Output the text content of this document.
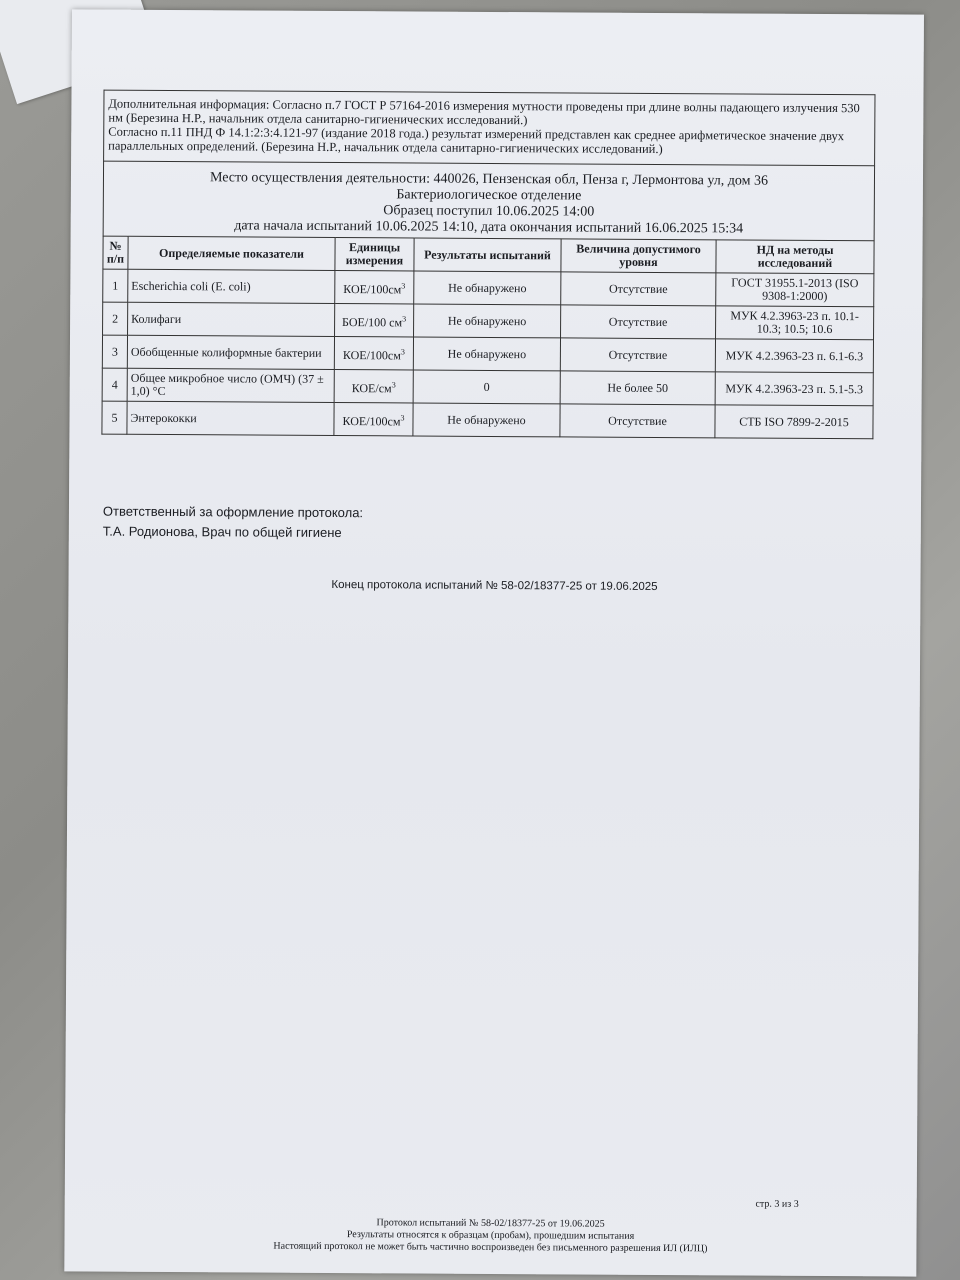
Дополнительная информация: Согласно п.7 ГОСТ Р 57164-2016 измерения мутности проведены при длине волны падающего излучения 530 нм (Березина Н.Р., начальник отдела санитарно-гигиенических исследований.)

Согласно п.11 ПНД Ф 14.1:2:3:4.121-97 (издание 2018 года.) результат измерений представлен как среднее арифметическое значение двух параллельных определений. (Березина Н.Р., начальник отдела санитарно-гигиенических исследований.)

Место осуществления деятельности: 440026, Пензенская обл, Пенза г, Лермонтова ул, дом 36
Бактериологическое отделение
Образец поступил 10.06.2025 14:00
дата начала испытаний 10.06.2025 14:10, дата окончания испытаний 16.06.2025 15:34
№ п/п	Определяемые показатели	Единицы измерения	Результаты испытаний	Величина допустимого уровня	НД на методы исследований
1	Escherichia coli (E. coli)	КОЕ/$100см^3$	Не обнаружено	Отсутствие	ГОСТ 31955.1-2013 (ISO 9308-1:2000)
2	Колифаги	БОЕ/100 $см^3$	Не обнаружено	Отсутствие	МУК 4.2.3963-23 п. 10.1-10.3; 10.5; 10.6
3	Обобщенные колиформные бактерии	КОЕ/$100см^3$	Не обнаружено	Отсутствие	МУК 4.2.3963-23 п. 6.1-6.3
4	Общее микробное число (ОМЧ) (37 ± 1,0) °C	КОЕ/$см^3$	0	Не более 50	МУК 4.2.3963-23 п. 5.1-5.3
5	Энтерококки	КОЕ/$100см^3$	Не обнаружено	Отсутствие	СТБ ISO 7899-2-2015
Ответственный за оформление протокола:
Т.А. Родионова, Врач по общей гигиене
Конец протокола испытаний № 58-02/18377-25 от 19.06.2025
стр. 3 из 3
Протокол испытаний № 58-02/18377-25 от 19.06.2025
Результаты относятся к образцам (пробам), прошедшим испытания
Настоящий протокол не может быть частично воспроизведен без письменного разрешения ИЛ (ИЛЦ)
